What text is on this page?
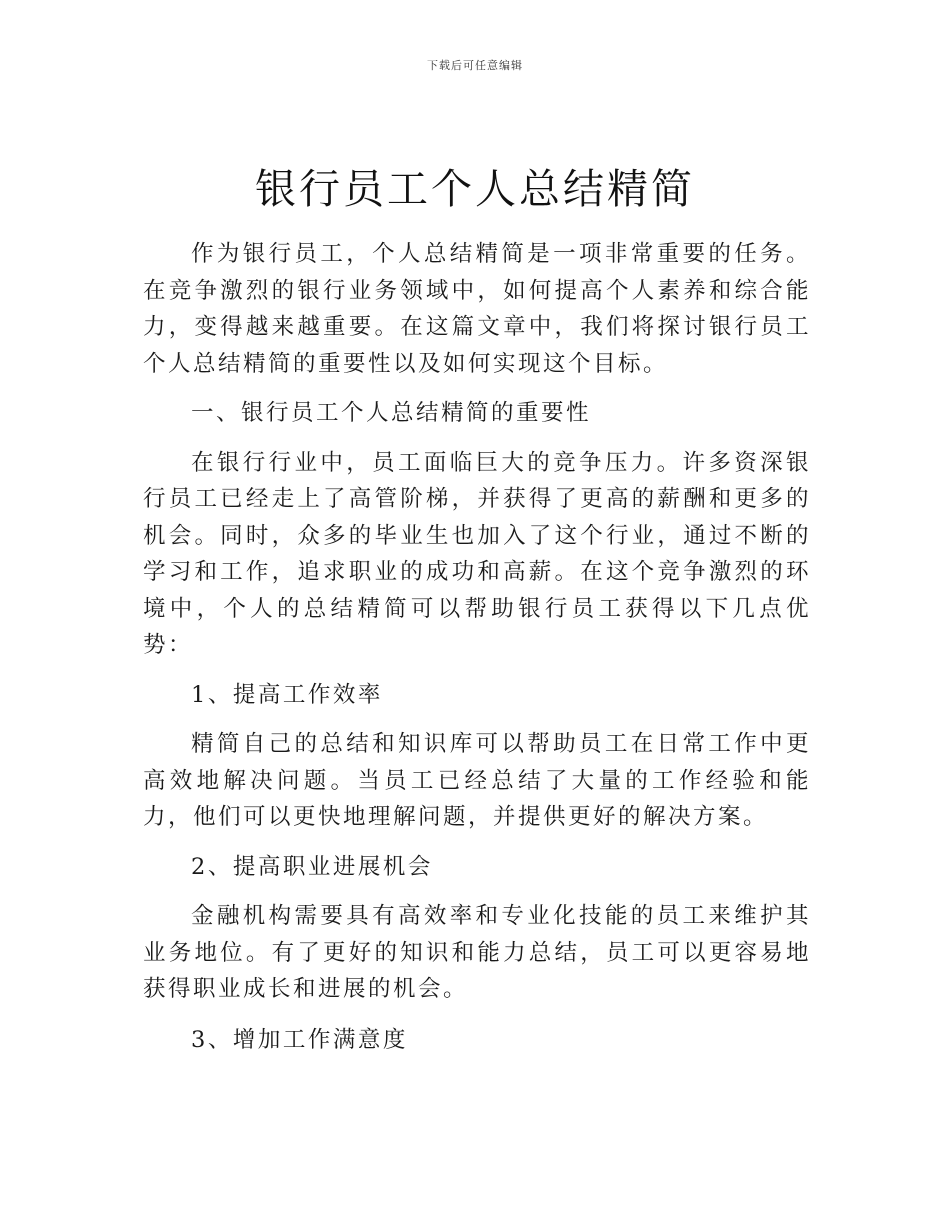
下载后可任意编辑
银行员工个人总结精简

作为银行员工，个人总结精简是一项非常重要的任务。在竞争激烈的银行业务领域中，如何提高个人素养和综合能力，变得越来越重要。在这篇文章中，我们将探讨银行员工个人总结精简的重要性以及如何实现这个目标。

一、银行员工个人总结精简的重要性

在银行行业中，员工面临巨大的竞争压力。许多资深银行员工已经走上了高管阶梯，并获得了更高的薪酬和更多的机会。同时，众多的毕业生也加入了这个行业，通过不断的学习和工作，追求职业的成功和高薪。在这个竞争激烈的环境中，个人的总结精简可以帮助银行员工获得以下几点优势：

1、提高工作效率

精简自己的总结和知识库可以帮助员工在日常工作中更高效地解决问题。当员工已经总结了大量的工作经验和能力，他们可以更快地理解问题，并提供更好的解决方案。

2、提高职业进展机会

金融机构需要具有高效率和专业化技能的员工来维护其业务地位。有了更好的知识和能力总结，员工可以更容易地获得职业成长和进展的机会。

3、增加工作满意度
